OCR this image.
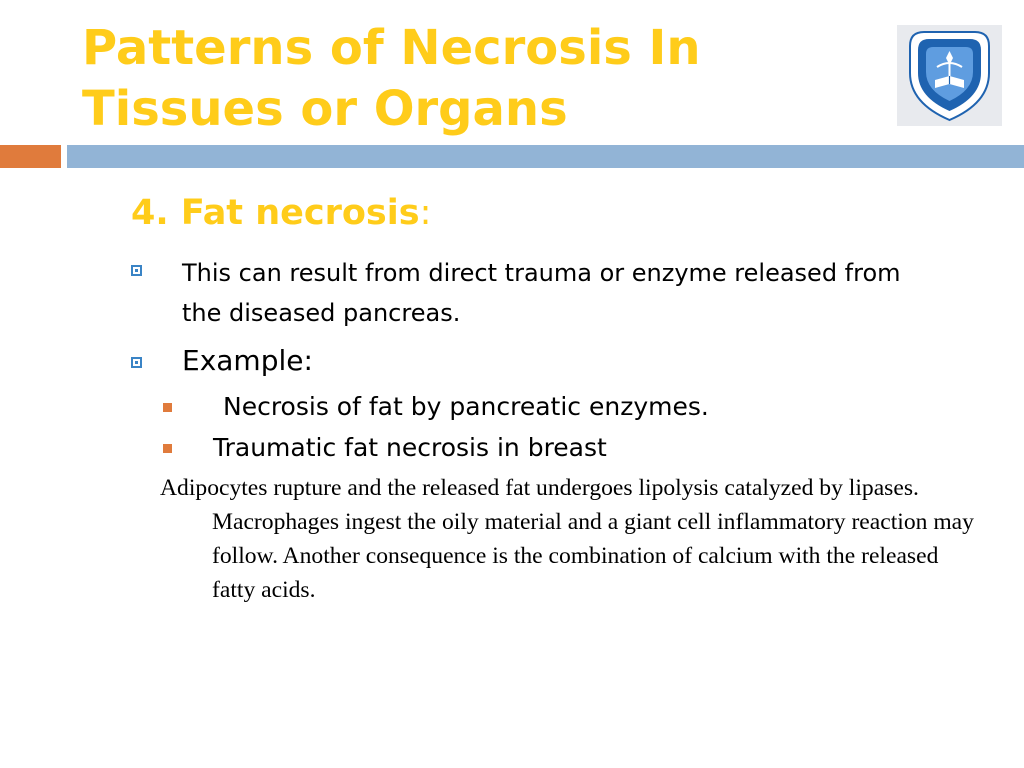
Patterns of Necrosis In Tissues or Organs
4. Fat necrosis:

This can result from direct trauma or enzyme released from the diseased pancreas.

Example:

Necrosis of fat by pancreatic enzymes.

Traumatic fat necrosis in breast

Adipocytes rupture and the released fat undergoes lipolysis catalyzed by lipases. Macrophages ingest the oily material and a giant cell inflammatory reaction may follow. Another consequence is the combination of calcium with the released fatty acids.
